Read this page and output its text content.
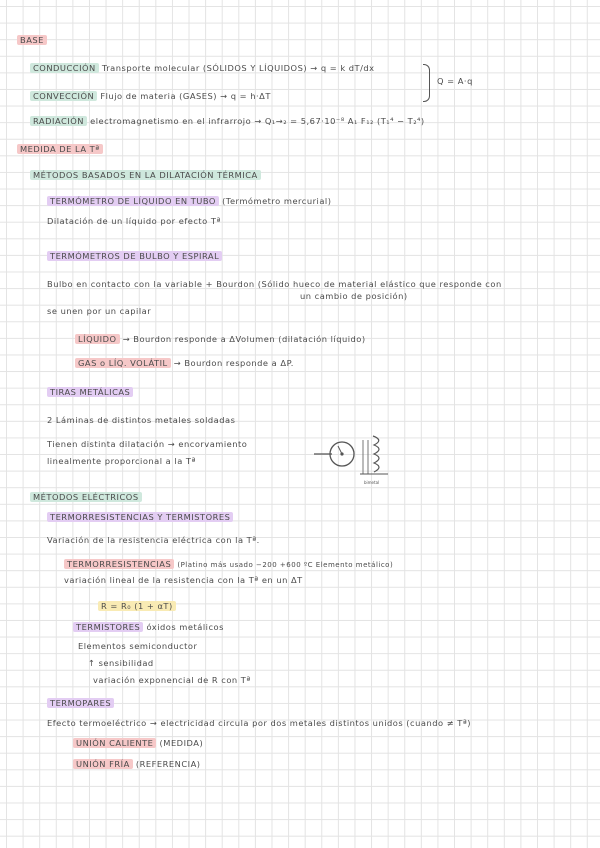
BASE
CONDUCCIÓN Transporte molecular (SÓLIDOS Y LÍQUIDOS) → q = k dT/dx
Q = A·q
CONVECCIÓN Flujo de materia (GASES) → q = h·ΔT
RADIACIÓN electromagnetismo en el infrarrojo → Q₁→₂ = 5,67·10⁻⁸ A₁ F₁₂ (T₁⁴ − T₂⁴)
MEDIDA DE LA Tª
MÉTODOS BASADOS EN LA DILATACIÓN TÉRMICA
TERMÓMETRO DE LÍQUIDO EN TUBO (Termómetro mercurial)
Dilatación de un líquido por efecto Tª
TERMÓMETROS DE BULBO Y ESPIRAL
Bulbo en contacto con la variable + Bourdon (Sólido hueco de material elástico que responde con
un cambio de posición)
se unen por un capilar
LÍQUIDO → Bourdon responde a ΔVolumen (dilatación líquido)
GAS o LÍQ. VOLÁTIL → Bourdon responde a ΔP.
TIRAS METÁLICAS
2 Láminas de distintos metales soldadas
Tienen distinta dilatación → encorvamiento
linealmente proporcional a la Tª
bimetal
MÉTODOS ELÉCTRICOS
TERMORRESISTENCIAS Y TERMISTORES
Variación de la resistencia eléctrica con la Tª.
TERMORRESISTENCIAS (Platino más usado −200 +600 ºC Elemento metálico)
variación lineal de la resistencia con la Tª en un ΔT
R = R₀ (1 + αT)
TERMISTORES óxidos metálicos
Elementos semiconductor
↑ sensibilidad
variación exponencial de R con Tª
TERMOPARES
Efecto termoeléctrico → electricidad circula por dos metales distintos unidos (cuando ≠ Tª)
UNIÓN CALIENTE (MEDIDA)
UNIÓN FRÍA (REFERENCIA)
